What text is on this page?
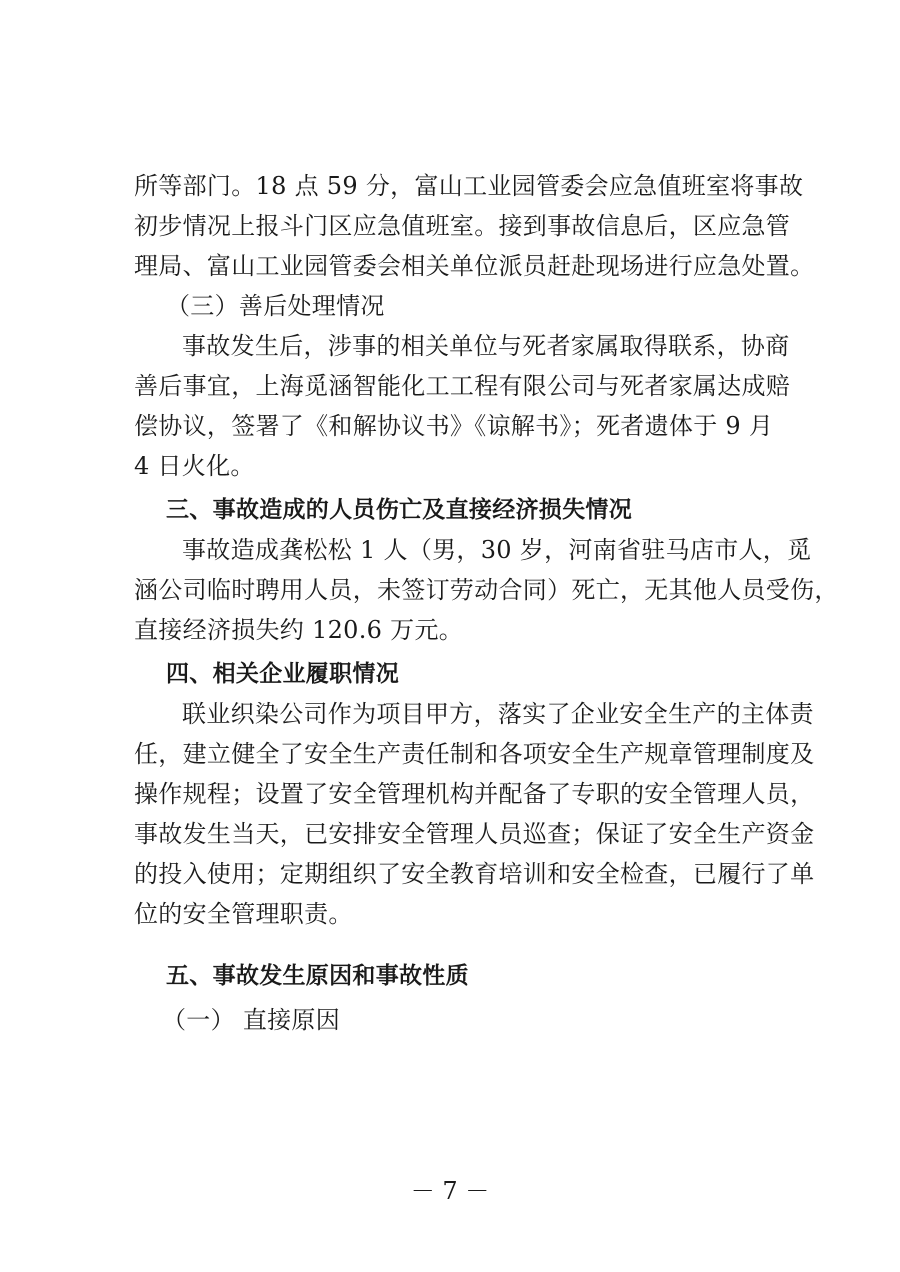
所等部门。18 点 59 分，富山工业园管委会应急值班室将事故
初步情况上报斗门区应急值班室。接到事故信息后，区应急管
理局、富山工业园管委会相关单位派员赶赴现场进行应急处置。
（三）善后处理情况
事故发生后，涉事的相关单位与死者家属取得联系，协商
善后事宜，上海觅涵智能化工工程有限公司与死者家属达成赔
偿协议，签署了《和解协议书》《谅解书》；死者遗体于 9 月
4 日火化。
三、事故造成的人员伤亡及直接经济损失情况
事故造成龚松松 1 人（男，30 岁，河南省驻马店市人，觅
涵公司临时聘用人员，未签订劳动合同）死亡，无其他人员受伤，
直接经济损失约 120.6 万元。
四、相关企业履职情况
联业织染公司作为项目甲方，落实了企业安全生产的主体责
任，建立健全了安全生产责任制和各项安全生产规章管理制度及
操作规程；设置了安全管理机构并配备了专职的安全管理人员，
事故发生当天，已安排安全管理人员巡查；保证了安全生产资金
的投入使用；定期组织了安全教育培训和安全检查，已履行了单
位的安全管理职责。
五、事故发生原因和事故性质
（一） 直接原因
－ 7 －
